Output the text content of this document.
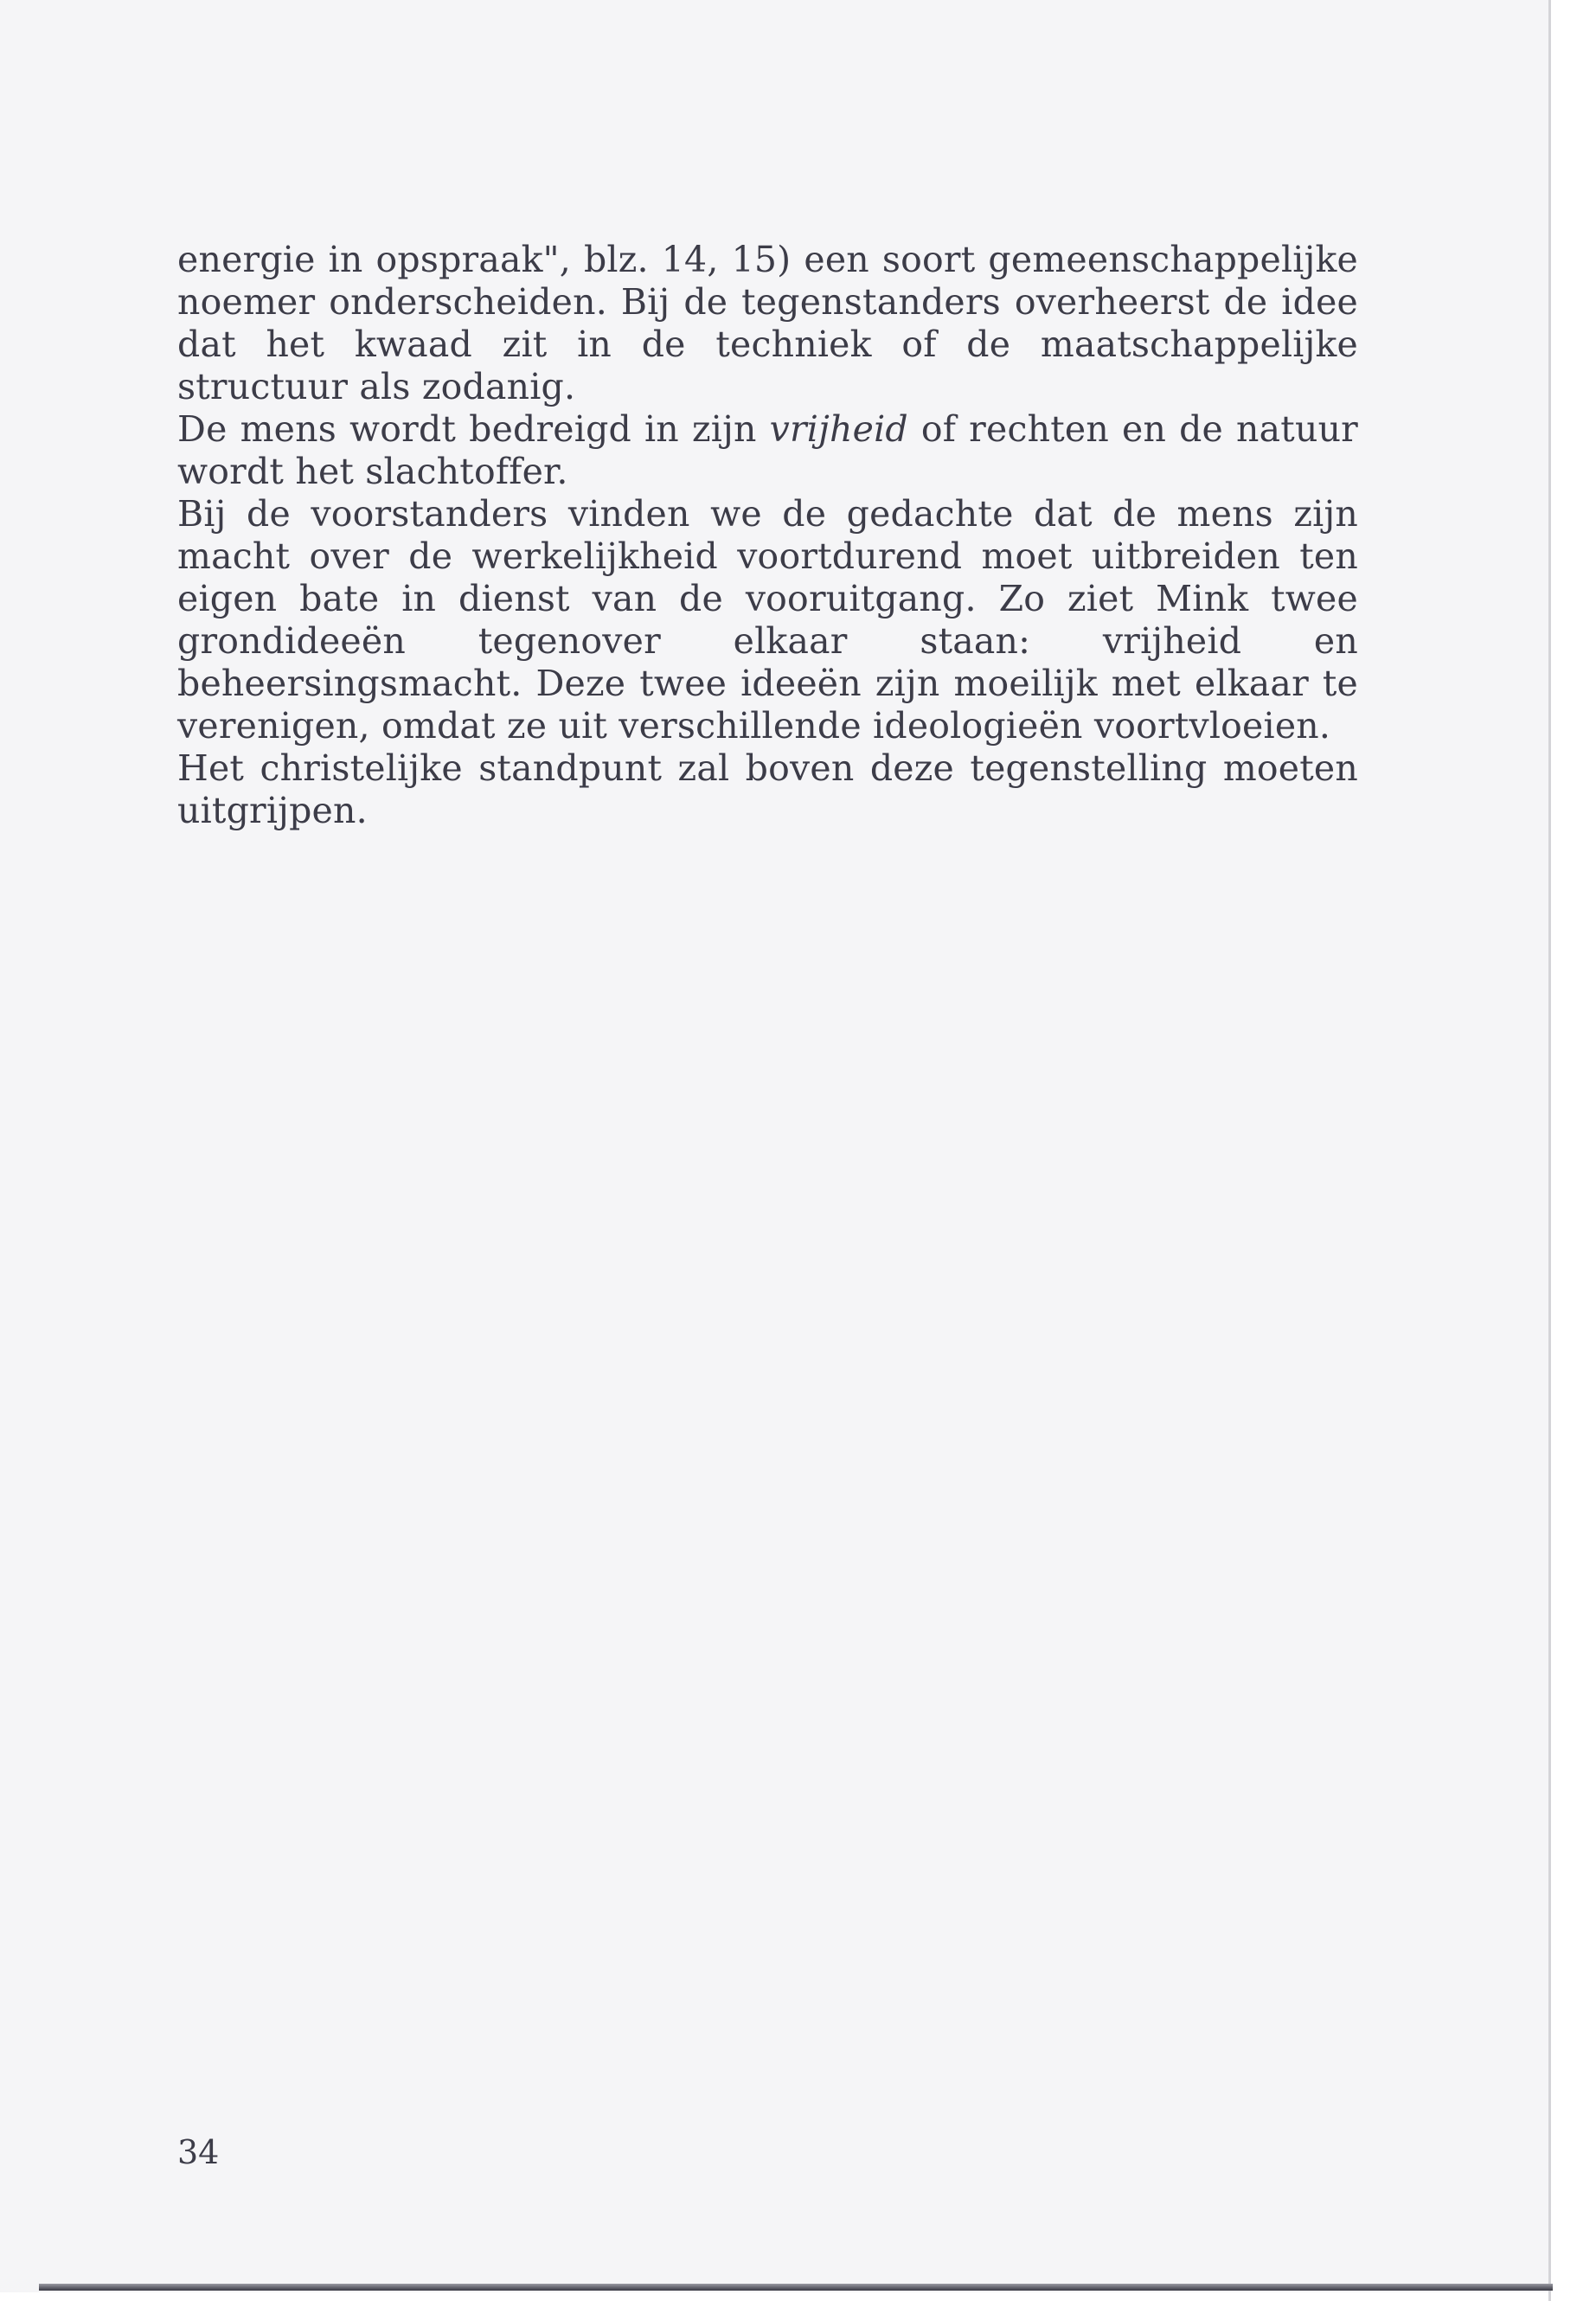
energie in opspraak", blz. 14, 15) een soort gemeenschappelijke noemer onderscheiden. Bij de tegenstanders overheerst de idee dat het kwaad zit in de techniek of de maatschappelijke structuur als zodanig.

De mens wordt bedreigd in zijn vrijheid of rechten en de natuur wordt het slachtoffer.

Bij de voorstanders vinden we de gedachte dat de mens zijn macht over de werkelijkheid voortdurend moet uitbreiden ten eigen bate in dienst van de vooruitgang. Zo ziet Mink twee grondideeën tegenover elkaar staan: vrijheid en beheersingsmacht. Deze twee ideeën zijn moeilijk met elkaar te verenigen, omdat ze uit verschillende ideologieën voortvloeien.

Het christelijke standpunt zal boven deze tegenstelling moeten uitgrijpen.

34
